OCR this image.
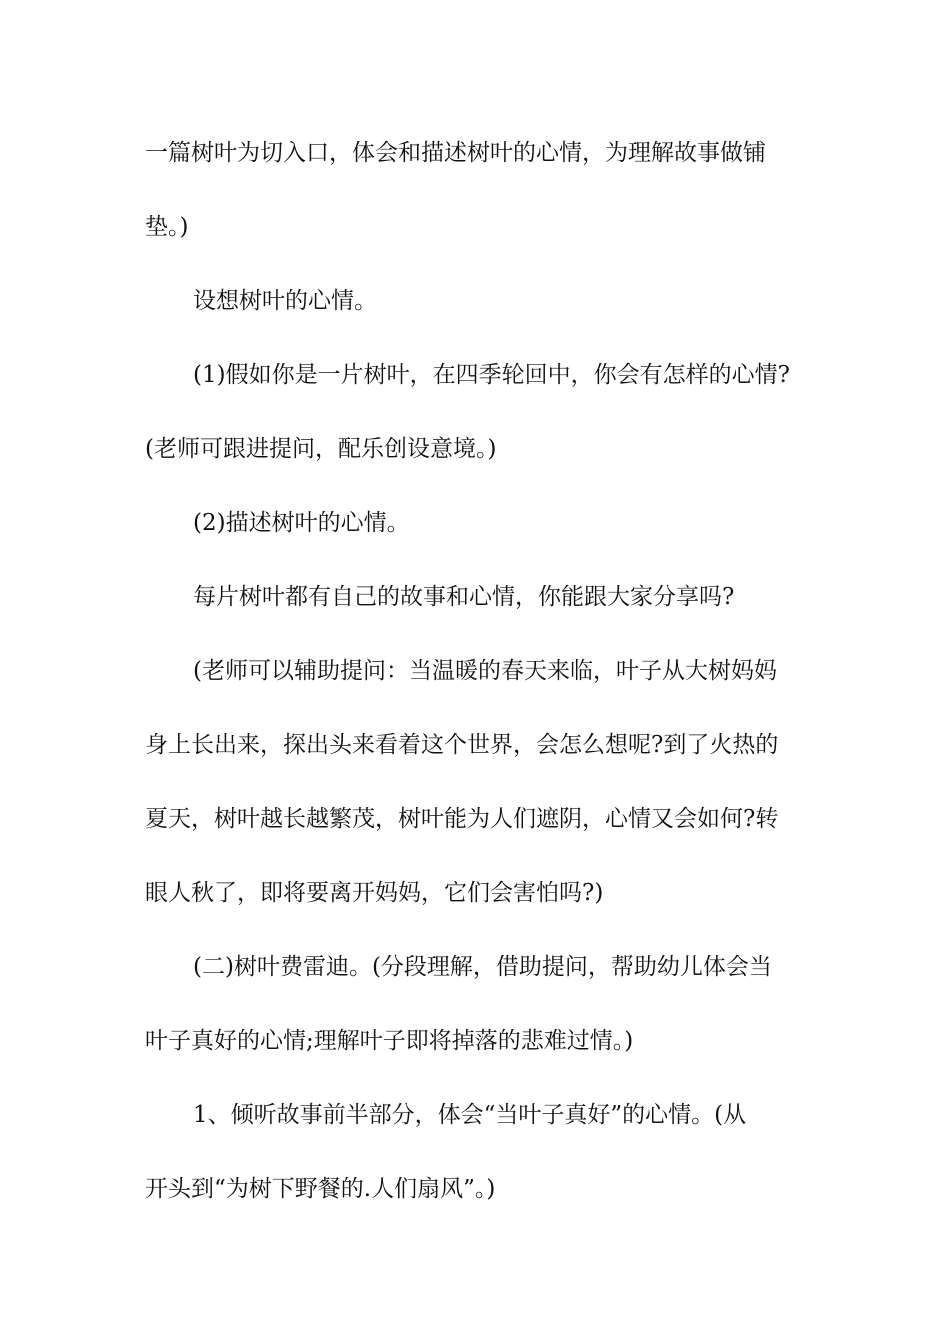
一篇树叶为切入口，体会和描述树叶的心情，为理解故事做铺
垫。)
设想树叶的心情。
(1)假如你是一片树叶，在四季轮回中，你会有怎样的心情?
(老师可跟进提问，配乐创设意境。)
(2)描述树叶的心情。
每片树叶都有自己的故事和心情，你能跟大家分享吗?
(老师可以辅助提问：当温暖的春天来临，叶子从大树妈妈
身上长出来，探出头来看着这个世界，会怎么想呢?到了火热的
夏天，树叶越长越繁茂，树叶能为人们遮阴，心情又会如何?转
眼人秋了，即将要离开妈妈，它们会害怕吗?)
(二)树叶费雷迪。(分段理解，借助提问，帮助幼儿体会当
叶子真好的心情;理解叶子即将掉落的悲难过情。)
1、倾听故事前半部分，体会“当叶子真好”的心情。(从
开头到“为树下野餐的.人们扇风”。)
